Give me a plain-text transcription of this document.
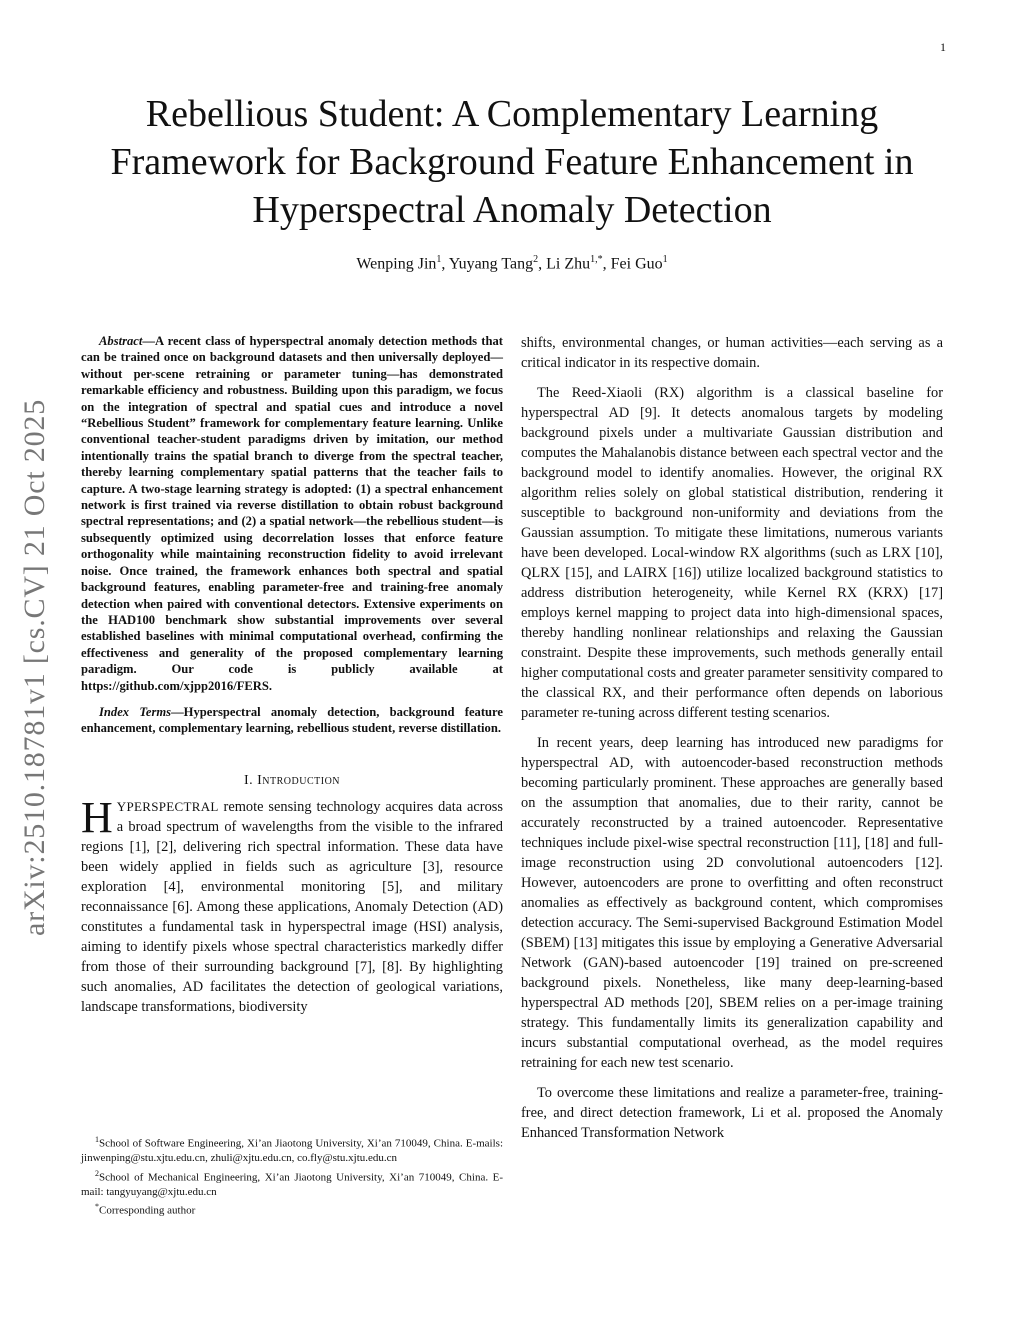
1
arXiv:2510.18781v1 [cs.CV] 21 Oct 2025
Rebellious Student: A Complementary Learning Framework for Background Feature Enhancement in Hyperspectral Anomaly Detection
Wenping Jin$^1$, Yuyang Tang$^2$, Li Zhu$^{1,*}$, Fei Guo$^1$

Abstract—A recent class of hyperspectral anomaly detection methods that can be trained once on background datasets and then universally deployed—without per-scene retraining or parameter tuning—has demonstrated remarkable efficiency and robustness. Building upon this paradigm, we focus on the integration of spectral and spatial cues and introduce a novel “Rebellious Student” framework for complementary feature learning. Unlike conventional teacher-student paradigms driven by imitation, our method intentionally trains the spatial branch to diverge from the spectral teacher, thereby learning complementary spatial patterns that the teacher fails to capture. A two-stage learning strategy is adopted: (1) a spectral enhancement network is first trained via reverse distillation to obtain robust background spectral representations; and (2) a spatial network—the rebellious student—is subsequently optimized using decorrelation losses that enforce feature orthogonality while maintaining reconstruction fidelity to avoid irrelevant noise. Once trained, the framework enhances both spectral and spatial background features, enabling parameter-free and training-free anomaly detection when paired with conventional detectors. Extensive experiments on the HAD100 benchmark show substantial improvements over several established baselines with minimal computational overhead, confirming the effectiveness and generality of the proposed complementary learning paradigm. Our code is publicly available at https://github.com/xjpp2016/FERS.

Index Terms—Hyperspectral anomaly detection, background feature enhancement, complementary learning, rebellious student, reverse distillation.

I. Introduction

HYPERSPECTRAL remote sensing technology acquires data across a broad spectrum of wavelengths from the visible to the infrared regions [1], [2], delivering rich spectral information. These data have been widely applied in fields such as agriculture [3], resource exploration [4], environmental monitoring [5], and military reconnaissance [6]. Among these applications, Anomaly Detection (AD) constitutes a fundamental task in hyperspectral image (HSI) analysis, aiming to identify pixels whose spectral characteristics markedly differ from those of their surrounding background [7], [8]. By highlighting such anomalies, AD facilitates the detection of geological variations, landscape transformations, biodiversity

shifts, environmental changes, or human activities—each serving as a critical indicator in its respective domain.

The Reed-Xiaoli (RX) algorithm is a classical baseline for hyperspectral AD [9]. It detects anomalous targets by modeling background pixels under a multivariate Gaussian distribution and computes the Mahalanobis distance between each spectral vector and the background model to identify anomalies. However, the original RX algorithm relies solely on global statistical distribution, rendering it susceptible to background non-uniformity and deviations from the Gaussian assumption. To mitigate these limitations, numerous variants have been developed. Local-window RX algorithms (such as LRX [10], QLRX [15], and LAIRX [16]) utilize localized background statistics to address distribution heterogeneity, while Kernel RX (KRX) [17] employs kernel mapping to project data into high-dimensional spaces, thereby handling nonlinear relationships and relaxing the Gaussian constraint. Despite these improvements, such methods generally entail higher computational costs and greater parameter sensitivity compared to the classical RX, and their performance often depends on laborious parameter re-tuning across different testing scenarios.

In recent years, deep learning has introduced new paradigms for hyperspectral AD, with autoencoder-based reconstruction methods becoming particularly prominent. These approaches are generally based on the assumption that anomalies, due to their rarity, cannot be accurately reconstructed by a trained autoencoder. Representative techniques include pixel-wise spectral reconstruction [11], [18] and full-image reconstruction using 2D convolutional autoencoders [12]. However, autoencoders are prone to overfitting and often reconstruct anomalies as effectively as background content, which compromises detection accuracy. The Semi-supervised Background Estimation Model (SBEM) [13] mitigates this issue by employing a Generative Adversarial Network (GAN)-based autoencoder [19] trained on pre-screened background pixels. Nonetheless, like many deep-learning-based hyperspectral AD methods [20], SBEM relies on a per-image training strategy. This fundamentally limits its generalization capability and incurs substantial computational overhead, as the model requires retraining for each new test scenario.

To overcome these limitations and realize a parameter-free, training-free, and direct detection framework, Li et al. proposed the Anomaly Enhanced Transformation Network

$^1$School of Software Engineering, Xi’an Jiaotong University, Xi’an 710049, China. E-mails: jinwenping@stu.xjtu.edu.cn, zhuli@xjtu.edu.cn, co.fly@stu.xjtu.edu.cn

$^2$School of Mechanical Engineering, Xi’an Jiaotong University, Xi’an 710049, China. E-mail: tangyuyang@xjtu.edu.cn

*Corresponding author
